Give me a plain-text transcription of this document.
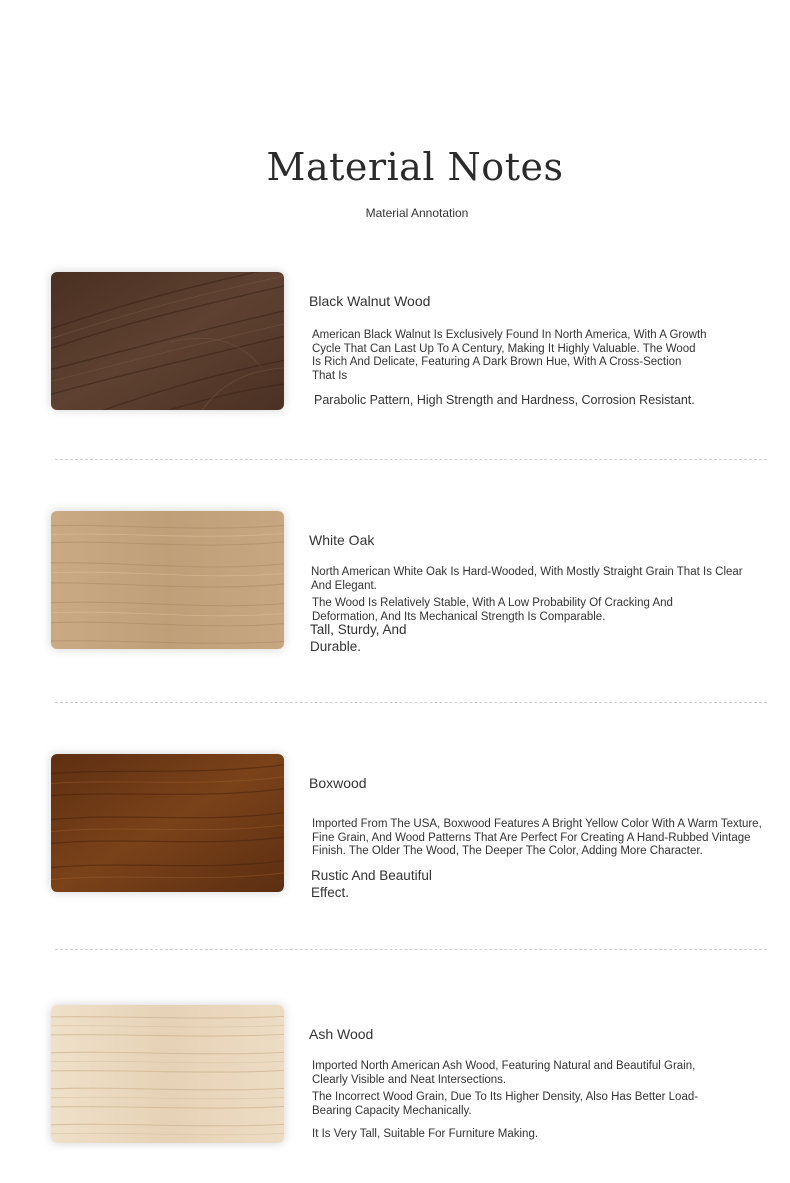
Material Notes
Material Annotation
Black Walnut Wood
American Black Walnut Is Exclusively Found In North America, With A Growth Cycle That Can Last Up To A Century, Making It Highly Valuable. The Wood Is Rich And Delicate, Featuring A Dark Brown Hue, With A Cross-Section That Is
Parabolic Pattern, High Strength and Hardness, Corrosion Resistant.
White Oak
North American White Oak Is Hard-Wooded, With Mostly Straight Grain That Is Clear And Elegant.
The Wood Is Relatively Stable, With A Low Probability Of Cracking And Deformation, And Its Mechanical Strength Is Comparable.
Tall, Sturdy, And Durable.
Boxwood
Imported From The USA, Boxwood Features A Bright Yellow Color With A Warm Texture, Fine Grain, And Wood Patterns That Are Perfect For Creating A Hand-Rubbed Vintage Finish. The Older The Wood, The Deeper The Color, Adding More Character.
Rustic And Beautiful Effect.
Ash Wood
Imported North American Ash Wood, Featuring Natural and Beautiful Grain, Clearly Visible and Neat Intersections.
The Incorrect Wood Grain, Due To Its Higher Density, Also Has Better Load-Bearing Capacity Mechanically.
It Is Very Tall, Suitable For Furniture Making.
